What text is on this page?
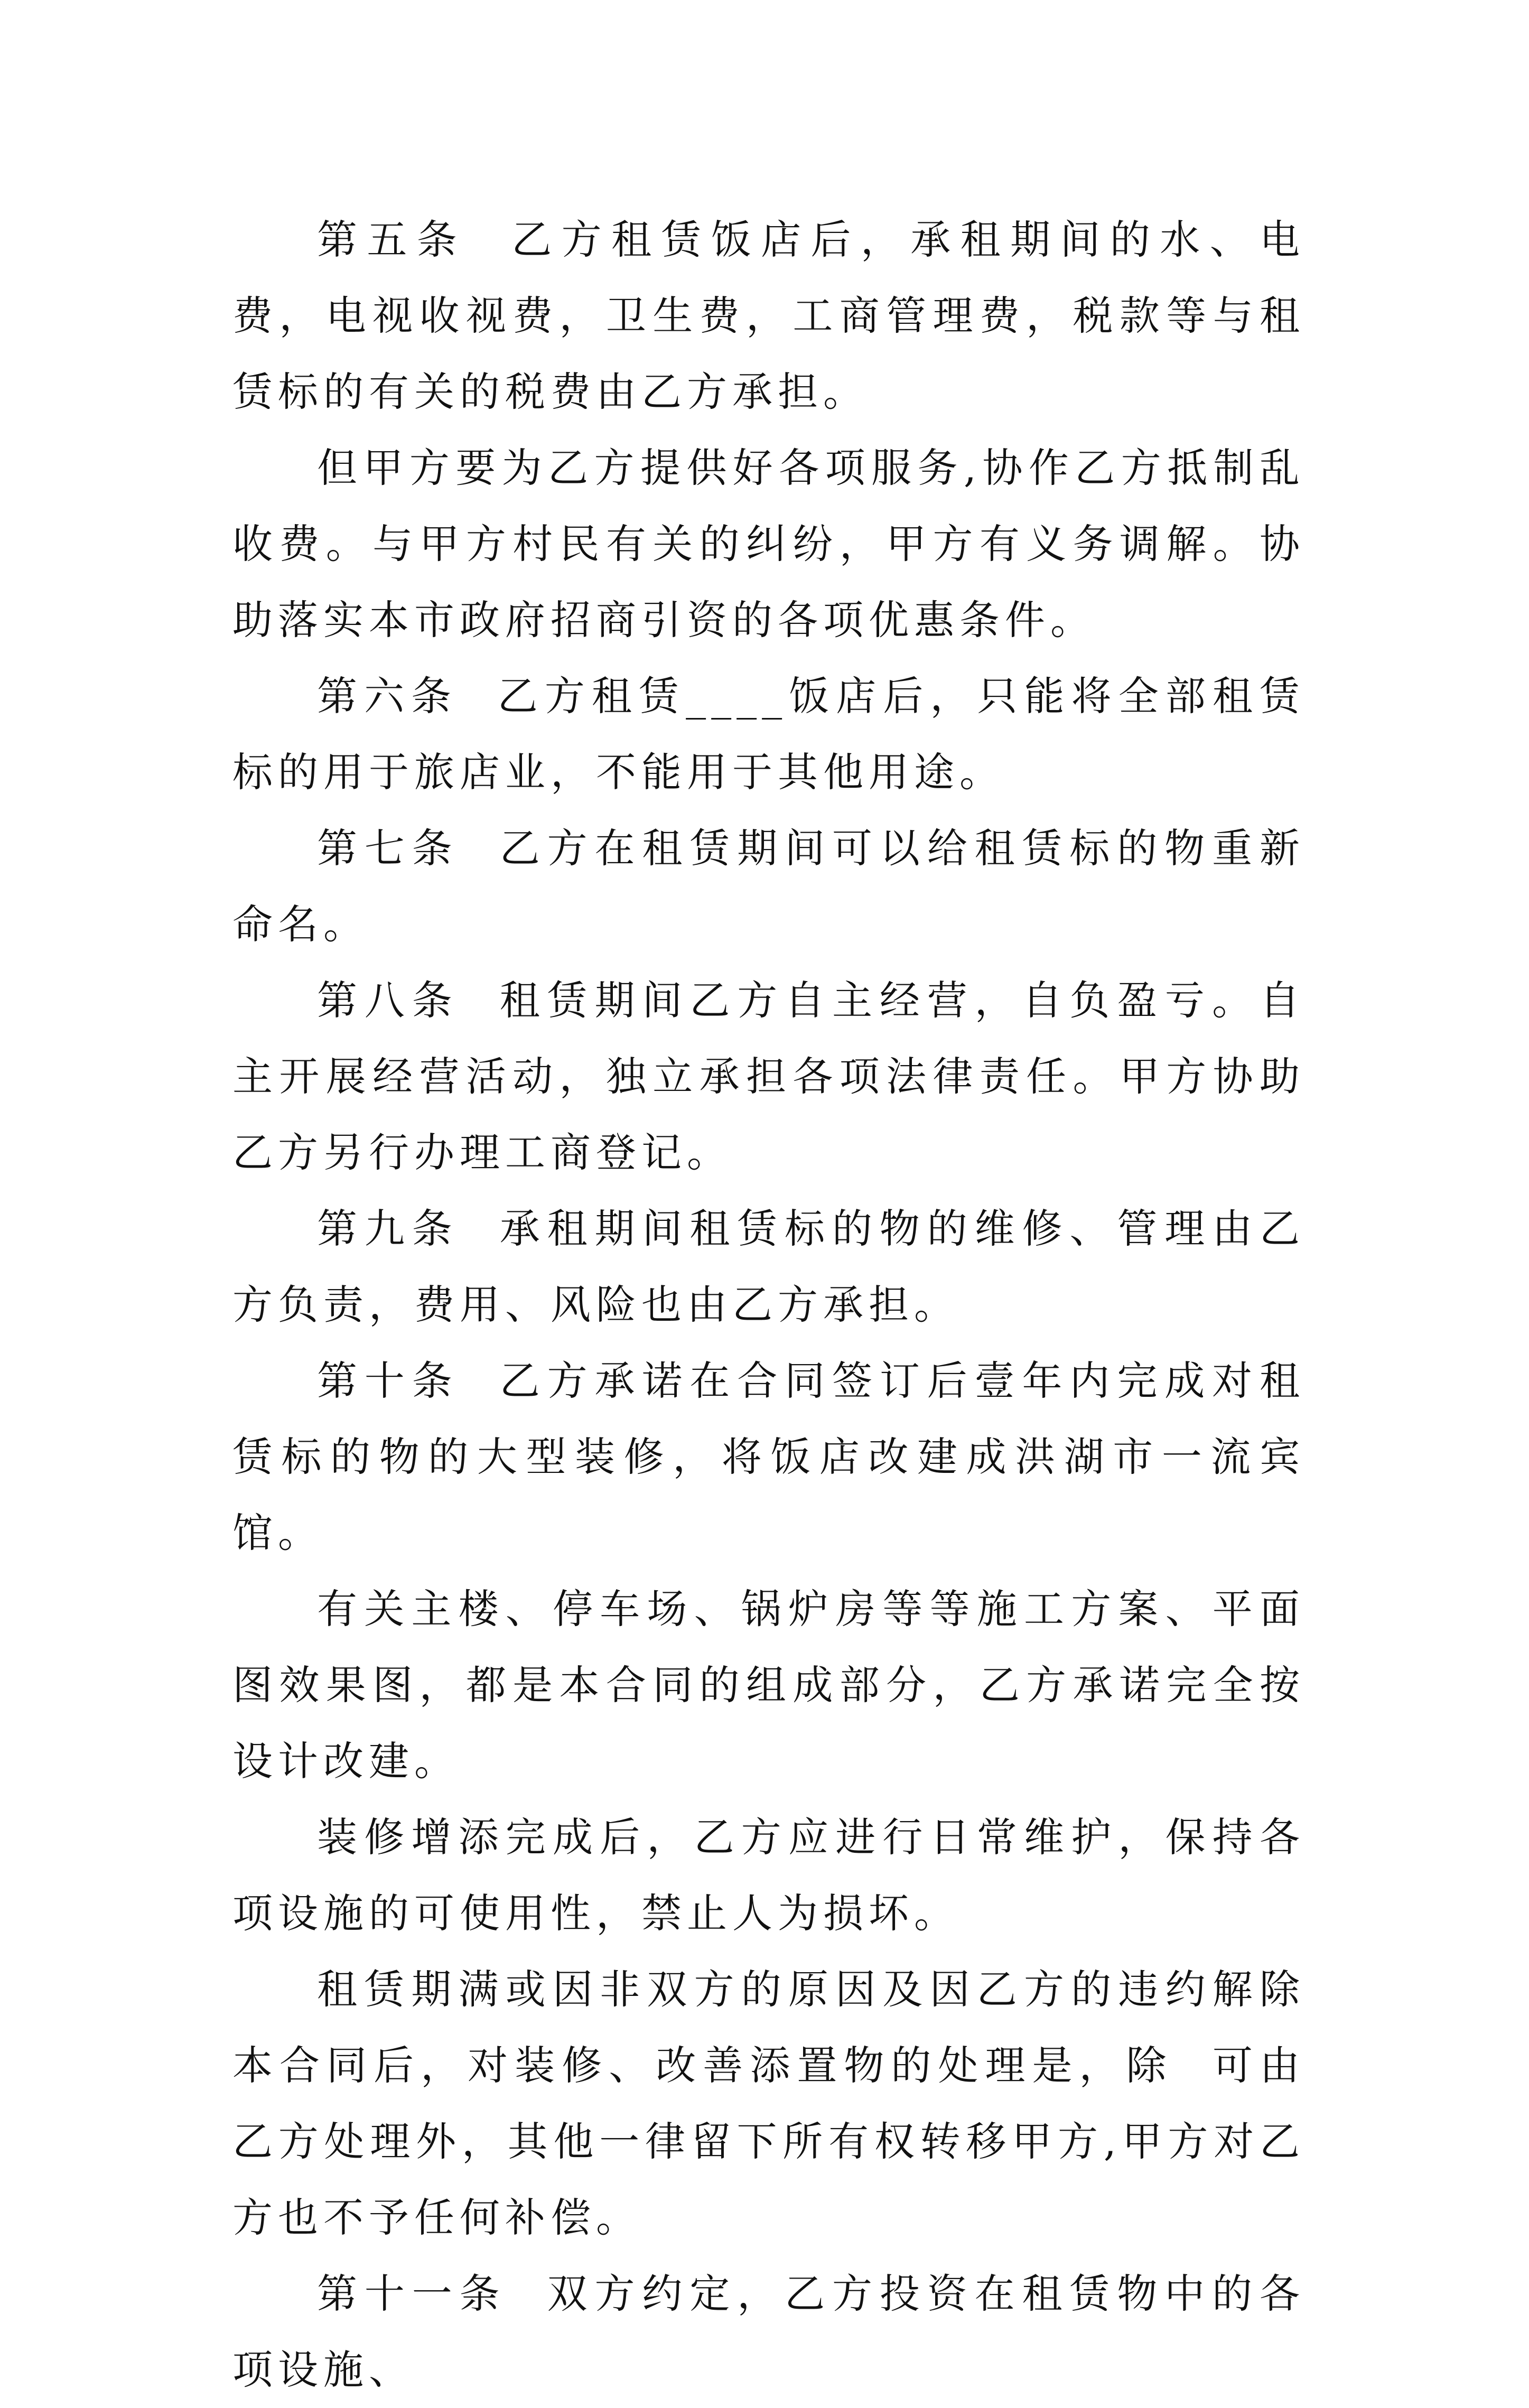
第五条  乙方租赁饭店后，承租期间的水、电费，电视收视费，卫生费，工商管理费，税款等与租赁标的有关的税费由乙方承担。

但甲方要为乙方提供好各项服务,协作乙方抵制乱收费。与甲方村民有关的纠纷，甲方有义务调解。协助落实本市政府招商引资的各项优惠条件。

第六条  乙方租赁____饭店后，只能将全部租赁标的用于旅店业，不能用于其他用途。

第七条  乙方在租赁期间可以给租赁标的物重新命名。

第八条  租赁期间乙方自主经营，自负盈亏。自主开展经营活动，独立承担各项法律责任。甲方协助乙方另行办理工商登记。

第九条  承租期间租赁标的物的维修、管理由乙方负责，费用、风险也由乙方承担。

第十条  乙方承诺在合同签订后壹年内完成对租赁标的物的大型装修，将饭店改建成洪湖市一流宾馆。

有关主楼、停车场、锅炉房等等施工方案、平面图效果图，都是本合同的组成部分，乙方承诺完全按设计改建。

装修增添完成后，乙方应进行日常维护，保持各项设施的可使用性，禁止人为损坏。

租赁期满或因非双方的原因及因乙方的违约解除本合同后，对装修、改善添置物的处理是，除  可由乙方处理外，其他一律留下所有权转移甲方,甲方对乙方也不予任何补偿。

第十一条  双方约定，乙方投资在租赁物中的各项设施、
